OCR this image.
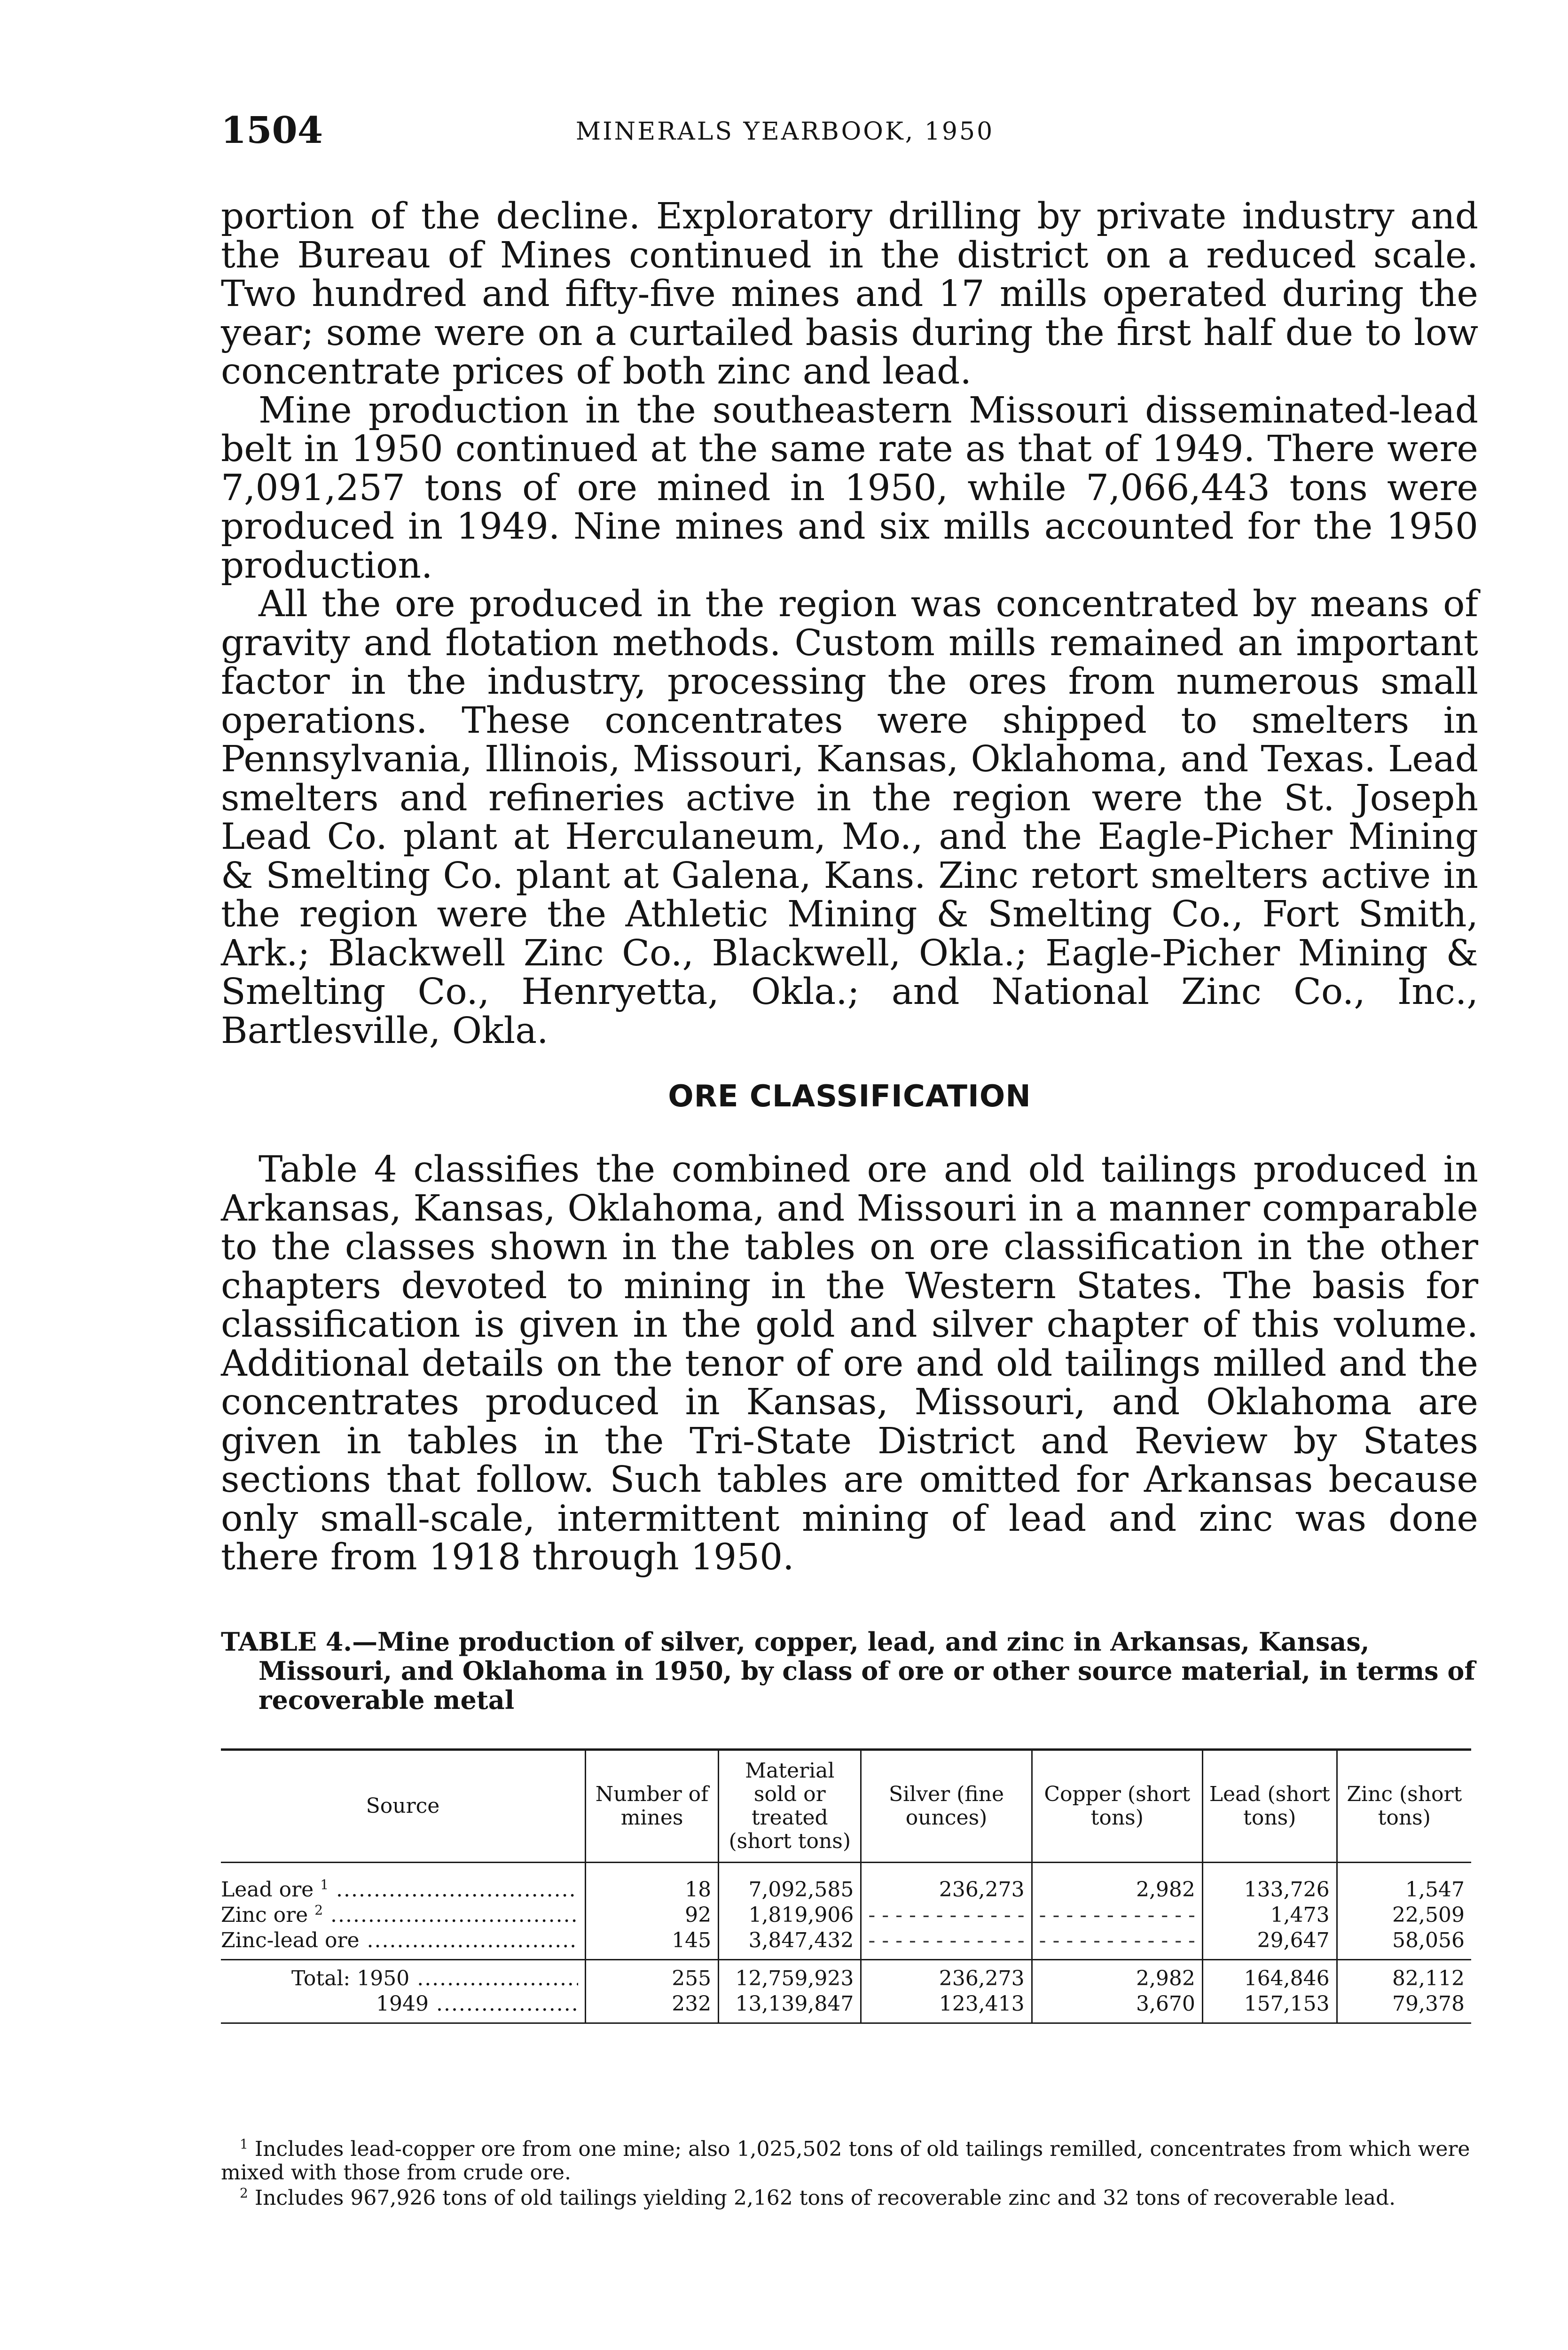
1504	MINERALS YEARBOOK, 1950

portion of the decline. Exploratory drilling by private industry and the Bureau of Mines continued in the district on a reduced scale. Two hundred and fifty-five mines and 17 mills operated during the year; some were on a curtailed basis during the first half due to low concentrate prices of both zinc and lead.

Mine production in the southeastern Missouri disseminated-lead belt in 1950 continued at the same rate as that of 1949. There were 7,091,257 tons of ore mined in 1950, while 7,066,443 tons were produced in 1949. Nine mines and six mills accounted for the 1950 production.

All the ore produced in the region was concentrated by means of gravity and flotation methods. Custom mills remained an important factor in the industry, processing the ores from numerous small operations. These concentrates were shipped to smelters in Pennsylvania, Illinois, Missouri, Kansas, Oklahoma, and Texas. Lead smelters and refineries active in the region were the St. Joseph Lead Co. plant at Herculaneum, Mo., and the Eagle-Picher Mining & Smelting Co. plant at Galena, Kans. Zinc retort smelters active in the region were the Athletic Mining & Smelting Co., Fort Smith, Ark.; Blackwell Zinc Co., Blackwell, Okla.; Eagle-Picher Mining & Smelting Co., Henryetta, Okla.; and National Zinc Co., Inc., Bartlesville, Okla.

ORE CLASSIFICATION

Table 4 classifies the combined ore and old tailings produced in Arkansas, Kansas, Oklahoma, and Missouri in a manner comparable to the classes shown in the tables on ore classification in the other chapters devoted to mining in the Western States. The basis for classification is given in the gold and silver chapter of this volume. Additional details on the tenor of ore and old tailings milled and the concentrates produced in Kansas, Missouri, and Oklahoma are given in tables in the Tri-State District and Review by States sections that follow. Such tables are omitted for Arkansas because only small-scale, intermittent mining of lead and zinc was done there from 1918 through 1950.

TABLE 4.—Mine production of silver, copper, lead, and zinc in Arkansas, Kansas,
Missouri, and Oklahoma in 1950, by class of ore or other source material, in terms of recoverable metal
Source	Number of mines	Material sold or treated (short tons)	Silver (fine ounces)	Copper (short tons)	Lead (short tons)	Zinc (short tons)

Lead ore $^1$ .....	18	7,092,585	236,273	2,982	133,726	1,547

Zinc ore $^2$ .....	92	1,819,906	- - - - - - - - - - - -	- - - - - - - - - - - -	1,473	22,509

Zinc-lead ore .....	145	3,847,432	- - - - - - - - - - - -	- - - - - - - - - - - -	29,647	58,056

Total: 1950 .....	255	12,759,923	236,273	2,982	164,846	82,112

1949 .....	232	13,139,847	123,413	3,670	157,153	79,378

$^1$ Includes lead-copper ore from one mine; also 1,025,502 tons of old tailings remilled, concentrates from which were mixed with those from crude ore.

$^2$ Includes 967,926 tons of old tailings yielding 2,162 tons of recoverable zinc and 32 tons of recoverable lead.
